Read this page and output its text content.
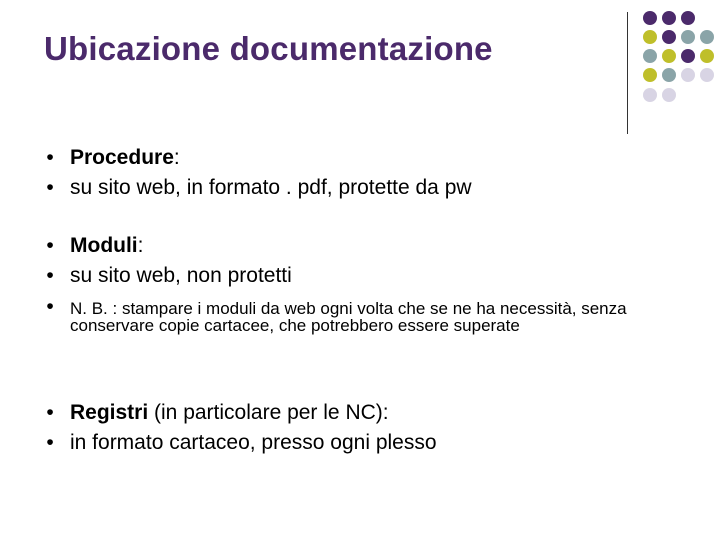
Ubicazione documentazione
• Procedure:
• su sito web, in formato . pdf, protette da pw
• Moduli:
• su sito web, non protetti
• N. B. : stampare i moduli da web ogni volta che se ne ha necessità, senza conservare copie cartacee, che potrebbero essere superate
• Registri (in particolare per le NC):
• in formato cartaceo, presso ogni plesso
